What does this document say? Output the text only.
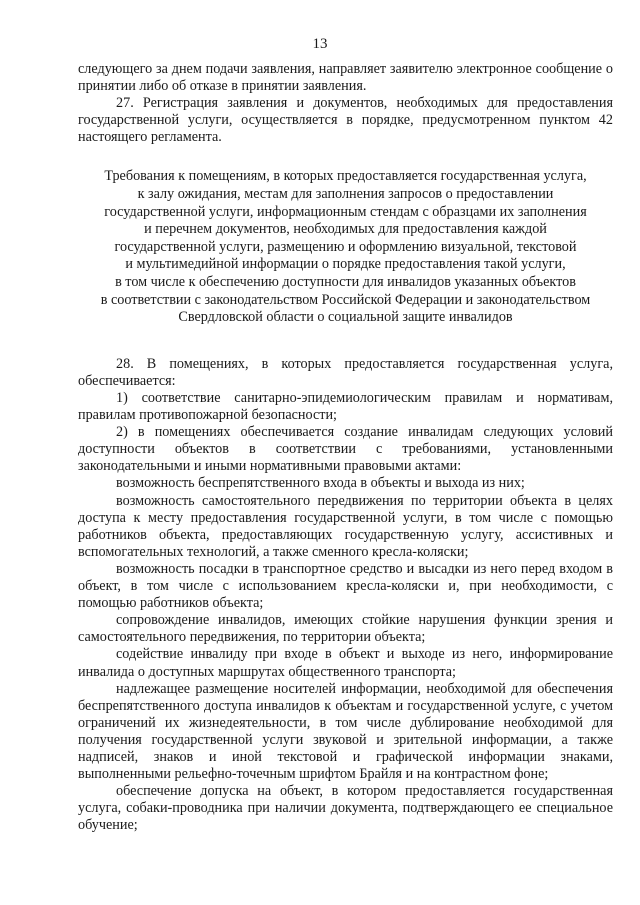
13

следующего за днем подачи заявления, направляет заявителю электронное сообщение о принятии либо об отказе в принятии заявления.

27. Регистрация заявления и документов, необходимых для предоставления государственной услуги, осуществляется в порядке, предусмотренном пунктом 42 настоящего регламента.

Требования к помещениям, в которых предоставляется государственная услуга,
к залу ожидания, местам для заполнения запросов о предоставлении
государственной услуги, информационным стендам с образцами их заполнения
и перечнем документов, необходимых для предоставления каждой
государственной услуги, размещению и оформлению визуальной, текстовой
и мультимедийной информации о порядке предоставления такой услуги,
в том числе к обеспечению доступности для инвалидов указанных объектов
в соответствии с законодательством Российской Федерации и законодательством
Свердловской области о социальной защите инвалидов

28. В помещениях, в которых предоставляется государственная услуга, обеспечивается:

1) соответствие санитарно-эпидемиологическим правилам и нормативам, правилам противопожарной безопасности;

2) в помещениях обеспечивается создание инвалидам следующих условий доступности объектов в соответствии с требованиями, установленными законодательными и иными нормативными правовыми актами:

возможность беспрепятственного входа в объекты и выхода из них;

возможность самостоятельного передвижения по территории объекта в целях доступа к месту предоставления государственной услуги, в том числе с помощью работников объекта, предоставляющих государственную услугу, ассистивных и вспомогательных технологий, а также сменного кресла-коляски;

возможность посадки в транспортное средство и высадки из него перед входом в объект, в том числе с использованием кресла-коляски и, при необходимости, с помощью работников объекта;

сопровождение инвалидов, имеющих стойкие нарушения функции зрения и самостоятельного передвижения, по территории объекта;

содействие инвалиду при входе в объект и выходе из него, информирование инвалида о доступных маршрутах общественного транспорта;

надлежащее размещение носителей информации, необходимой для обеспечения беспрепятственного доступа инвалидов к объектам и государственной услуге, с учетом ограничений их жизнедеятельности, в том числе дублирование необходимой для получения государственной услуги звуковой и зрительной информации, а также надписей, знаков и иной текстовой и графической информации знаками, выполненными рельефно-точечным шрифтом Брайля и на контрастном фоне;

обеспечение допуска на объект, в котором предоставляется государственная услуга, собаки-проводника при наличии документа, подтверждающего ее специальное обучение;
